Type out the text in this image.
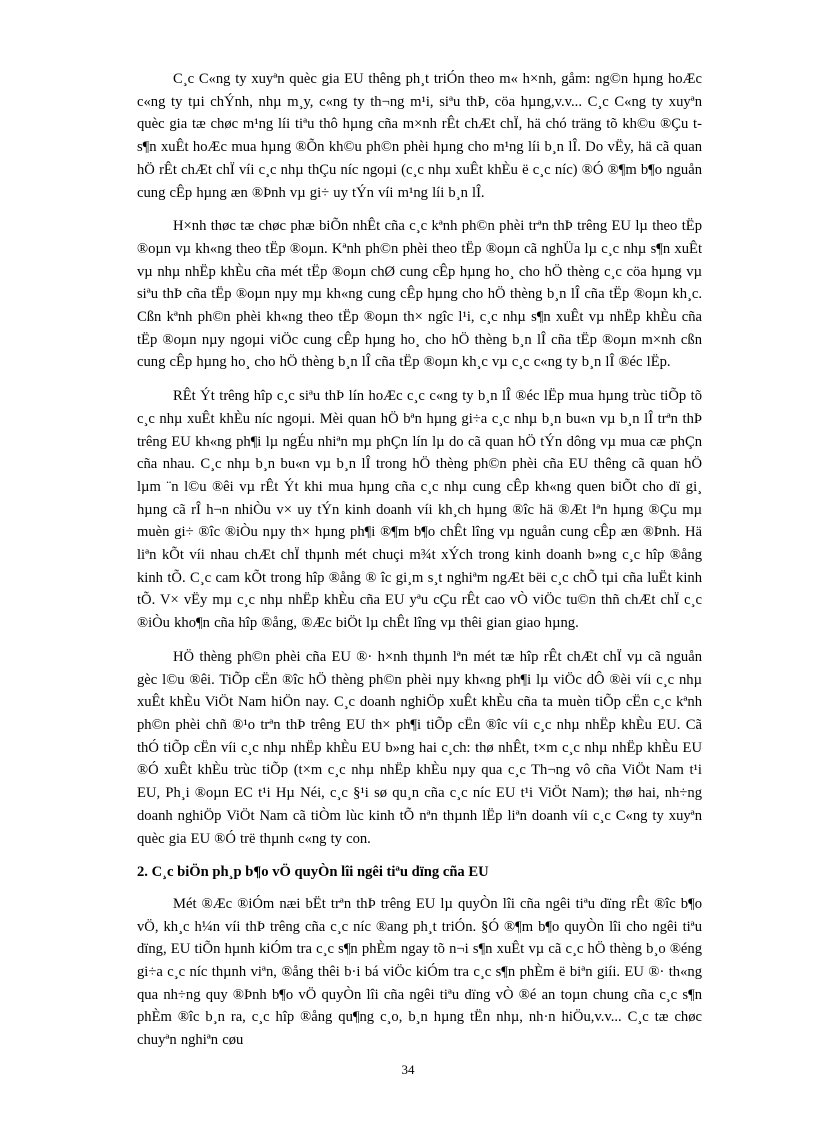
C¸c C«ng ty xuyªn quèc gia EU thêng ph¸t triÓn theo m« h×nh, gåm: ng©n hµng hoÆc c«ng ty tµi chÝnh, nhµ m¸y, c«ng ty th¬ng m¹i, siªu thÞ, cöa hµng,v.v... C¸c C«ng ty xuyªn quèc gia tæ chøc m¹ng líi tiªu thô hµng cña m×nh rÊt chÆt chÏ, hä chó träng tõ kh©u ®Çu t s¶n xuÊt hoÆc mua hµng ®Õn kh©u ph©n phèi hµng cho m¹ng líi b¸n lÎ. Do vËy, hä cã quan hÖ rÊt chÆt chÏ víi c¸c nhµ thÇu níc ngoµi (c¸c nhµ xuÊt khÈu ë c¸c níc) ®Ó ®¶m b¶o nguån cung cÊp hµng æn ®Þnh vµ gi÷ uy tÝn víi m¹ng líi b¸n lÎ.

H×nh thøc tæ chøc phæ biÕn nhÊt cña c¸c kªnh ph©n phèi trªn thÞ trêng EU lµ theo tËp ®oµn vµ kh«ng theo tËp ®oµn. Kªnh ph©n phèi theo tËp ®oµn cã nghÜa lµ c¸c nhµ s¶n xuÊt vµ nhµ nhËp khÈu cña mét tËp ®oµn chØ cung cÊp hµng ho¸ cho hÖ thèng c¸c cöa hµng vµ siªu thÞ cña tËp ®oµn nµy mµ kh«ng cung cÊp hµng cho hÖ thèng b¸n lÎ cña tËp ®oµn kh¸c. Cßn kªnh ph©n phèi kh«ng theo tËp ®oµn th× ngîc l¹i, c¸c nhµ s¶n xuÊt vµ nhËp khÈu cña tËp ®oµn nµy ngoµi viÖc cung cÊp hµng ho¸ cho hÖ thèng b¸n lÎ cña tËp ®oµn m×nh cßn cung cÊp hµng ho¸ cho hÖ thèng b¸n lÎ cña tËp ®oµn kh¸c vµ c¸c c«ng ty b¸n lÎ ®éc lËp.

RÊt Ýt trêng hîp c¸c siªu thÞ lín hoÆc c¸c c«ng ty b¸n lÎ ®éc lËp mua hµng trùc tiÕp tõ c¸c nhµ xuÊt khÈu níc ngoµi. Mèi quan hÖ bªn hµng gi÷a c¸c nhµ b¸n bu«n vµ b¸n lÎ trªn thÞ trêng EU kh«ng ph¶i lµ ngÉu nhiªn mµ phÇn lín lµ do cã quan hÖ tÝn dông vµ mua cæ phÇn cña nhau. C¸c nhµ b¸n bu«n vµ b¸n lÎ trong hÖ thèng ph©n phèi cña EU thêng cã quan hÖ lµm ¨n l©u ®êi vµ rÊt Ýt khi mua hµng cña c¸c nhµ cung cÊp kh«ng quen biÕt cho dï gi¸ hµng cã rÎ h¬n nhiÒu v× uy tÝn kinh doanh víi kh¸ch hµng ®îc hä ®Æt lªn hµng ®Çu mµ muèn gi÷ ®îc ®iÒu nµy th× hµng ph¶i ®¶m b¶o chÊt lîng vµ nguån cung cÊp æn ®Þnh. Hä liªn kÕt víi nhau chÆt chÏ thµnh mét chuçi m¾t xÝch trong kinh doanh b»ng c¸c hîp ®ång kinh tÕ. C¸c cam kÕt trong hîp ®ång ® îc gi¸m s¸t nghiªm ngÆt bëi c¸c chÕ tµi cña luËt kinh tÕ. V× vËy mµ c¸c nhµ nhËp khÈu cña EU yªu cÇu rÊt cao vÒ viÖc tu©n thñ chÆt chÏ c¸c ®iÒu kho¶n cña hîp ®ång, ®Æc biÖt lµ chÊt lîng vµ thêi gian giao hµng.

HÖ thèng ph©n phèi cña EU ®· h×nh thµnh lªn mét tæ hîp rÊt chÆt chÏ vµ cã nguån gèc l©u ®êi. TiÕp cËn ®îc hÖ thèng ph©n phèi nµy kh«ng ph¶i lµ viÖc dÔ ®èi víi c¸c nhµ xuÊt khÈu ViÖt Nam hiÖn nay. C¸c doanh nghiÖp xuÊt khÈu cña ta muèn tiÕp cËn c¸c kªnh ph©n phèi chñ ®¹o trªn thÞ trêng EU th× ph¶i tiÕp cËn ®îc víi c¸c nhµ nhËp khÈu EU. Cã thÓ tiÕp cËn víi c¸c nhµ nhËp khÈu EU b»ng hai c¸ch: thø nhÊt, t×m c¸c nhµ nhËp khÈu EU ®Ó xuÊt khÈu trùc tiÕp (t×m c¸c nhµ nhËp khÈu nµy qua c¸c Th¬ng vô cña ViÖt Nam t¹i EU, Ph¸i ®oµn EC t¹i Hµ Néi, c¸c §¹i sø qu¸n cña c¸c níc EU t¹i ViÖt Nam); thø hai, nh÷ng doanh nghiÖp ViÖt Nam cã tiÒm lùc kinh tÕ nªn thµnh lËp liªn doanh víi c¸c C«ng ty xuyªn quèc gia EU ®Ó trë thµnh c«ng ty con.

2. C¸c biÖn ph¸p b¶o vÖ quyÒn lîi ngêi tiªu dïng cña EU

Mét ®Æc ®iÓm næi bËt trªn thÞ trêng EU lµ quyÒn lîi cña ngêi tiªu dïng rÊt ®îc b¶o vÖ, kh¸c h¼n víi thÞ trêng cña c¸c níc ®ang ph¸t triÓn. §Ó ®¶m b¶o quyÒn lîi cho ngêi tiªu dïng, EU tiÕn hµnh kiÓm tra c¸c s¶n phÈm ngay tõ n¬i s¶n xuÊt vµ cã c¸c hÖ thèng b¸o ®éng gi÷a c¸c níc thµnh viªn, ®ång thêi b·i bá viÖc kiÓm tra c¸c s¶n phÈm ë biªn giíi. EU ®· th«ng qua nh÷ng quy ®Þnh b¶o vÖ quyÒn lîi cña ngêi tiªu dïng vÒ ®é an toµn chung cña c¸c s¶n phÈm ®îc b¸n ra, c¸c hîp ®ång qu¶ng c¸o, b¸n hµng tËn nhµ, nh·n hiÖu,v.v... C¸c tæ chøc chuyªn nghiªn cøu

34
